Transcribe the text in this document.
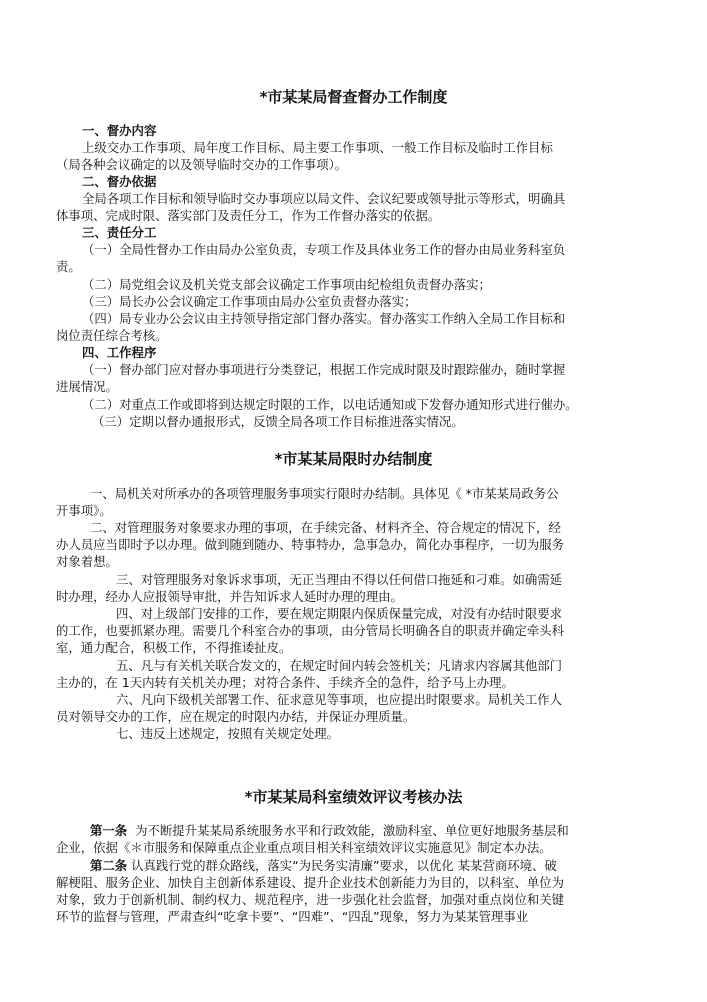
*市某某局督查督办工作制度

一、督办内容

上级交办工作事项、局年度工作目标、局主要工作事项、一般工作目标及临时工作目标

（局各种会议确定的以及领导临时交办的工作事项）。

二、督办依据

全局各项工作目标和领导临时交办事项应以局文件、会议纪要或领导批示等形式，明确具

体事项、完成时限、落实部门及责任分工，作为工作督办落实的依据。

三、责任分工

（一）全局性督办工作由局办公室负责，专项工作及具体业务工作的督办由局业务科室负

责。

（二）局党组会议及机关党支部会议确定工作事项由纪检组负责督办落实；

（三）局长办公会议确定工作事项由局办公室负责督办落实；

（四）局专业办公会议由主持领导指定部门督办落实。督办落实工作纳入全局工作目标和

岗位责任综合考核。

四、工作程序

（一）督办部门应对督办事项进行分类登记，根据工作完成时限及时跟踪催办，随时掌握

进展情况。

（二）对重点工作或即将到达规定时限的工作，以电话通知或下发督办通知形式进行催办。

（三）定期以督办通报形式，反馈全局各项工作目标推进落实情况。

*市某某局限时办结制度

一、局机关对所承办的各项管理服务事项实行限时办结制。具体见《 *市某某局政务公

开事项》。

二、对管理服务对象要求办理的事项，在手续完备、材料齐全、符合规定的情况下，经

办人员应当即时予以办理。做到随到随办、特事特办，急事急办，简化办事程序，一切为服务

对象着想。

三、对管理服务对象诉求事项，无正当理由不得以任何借口拖延和刁难。如确需延

时办理，经办人应报领导审批，并告知诉求人延时办理的理由。

四、对上级部门安排的工作，要在规定期限内保质保量完成，对没有办结时限要求

的工作，也要抓紧办理。需要几个科室合办的事项，由分管局长明确各自的职责并确定牵头科

室，通力配合，积极工作，不得推诿扯皮。

五、凡与有关机关联合发文的，在规定时间内转会签机关；凡请求内容属其他部门

主办的，在 1天内转有关机关办理；对符合条件、手续齐全的急件，给予马上办理。

六、凡向下级机关部署工作、征求意见等事项，也应提出时限要求。局机关工作人

员对领导交办的工作，应在规定的时限内办结，并保证办理质量。

七、违反上述规定，按照有关规定处理。

*市某某局科室绩效评议考核办法

第一条 为不断提升某某局系统服务水平和行政效能，激励科室、单位更好地服务基层和

企业，依据《＊市服务和保障重点企业重点项目相关科室绩效评议实施意见》制定本办法。

第二条 认真践行党的群众路线，落实“为民务实清廉”要求，以优化 某某营商环境、破

解梗阻、服务企业、加快自主创新体系建设、提升企业技术创新能力为目的，以科室、单位为

对象，致力于创新机制、制约权力、规范程序，进一步强化社会监督，加强对重点岗位和关键

环节的监督与管理，严肃查纠“吃拿卡要”、“四难”、“四乱”现象，努力为某某管理事业
